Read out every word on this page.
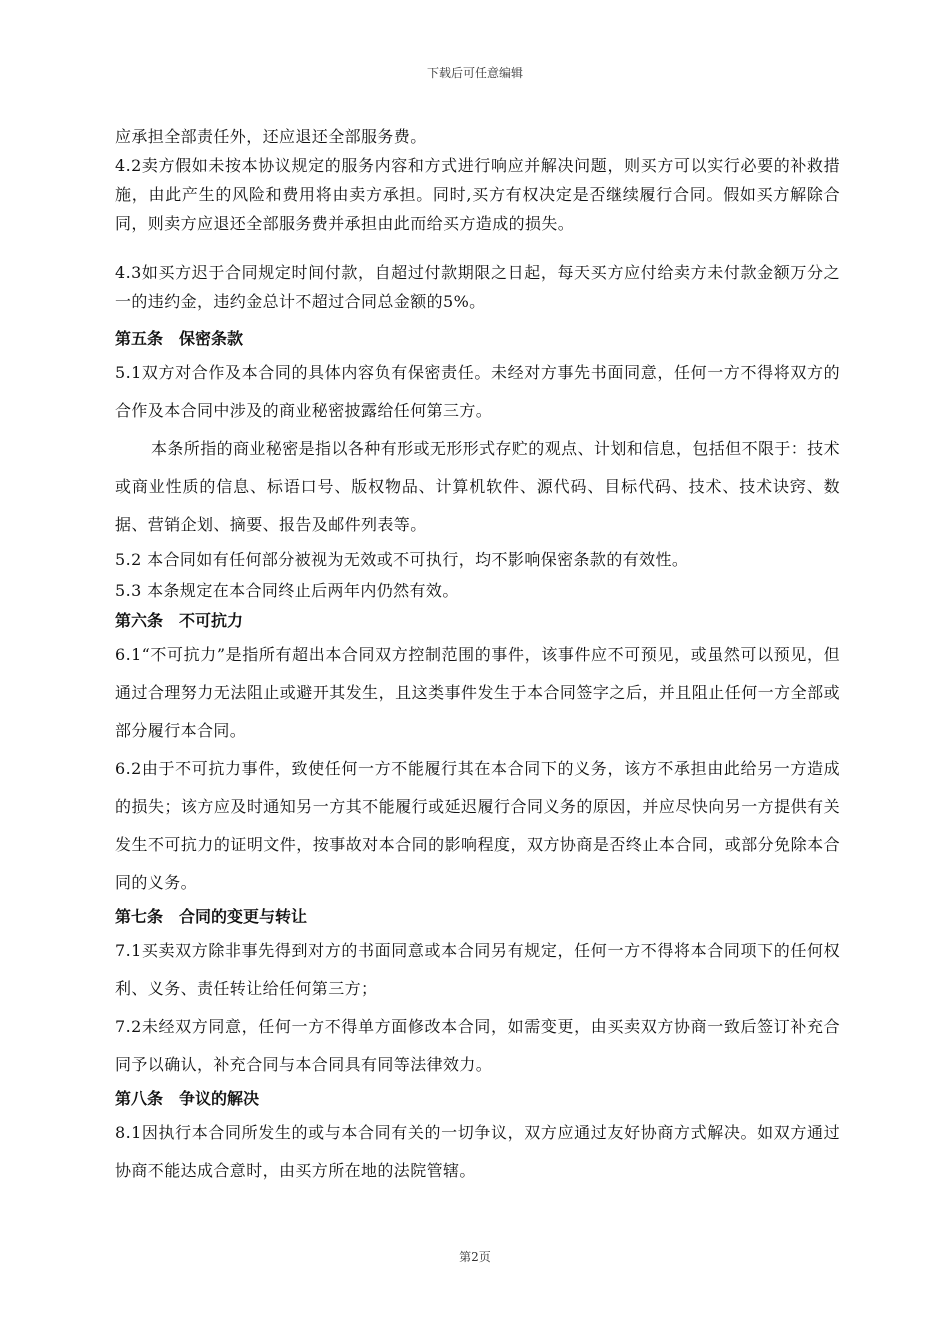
下载后可任意编辑

应承担全部责任外，还应退还全部服务费。

4.2卖方假如未按本协议规定的服务内容和方式进行响应并解决问题，则买方可以实行必要的补救措施，由此产生的风险和费用将由卖方承担。同时,买方有权决定是否继续履行合同。假如买方解除合同，则卖方应退还全部服务费并承担由此而给买方造成的损失。

4.3如买方迟于合同规定时间付款，自超过付款期限之日起，每天买方应付给卖方未付款金额万分之一的违约金，违约金总计不超过合同总金额的5%。

第五条　保密条款

5.1双方对合作及本合同的具体内容负有保密责任。未经对方事先书面同意，任何一方不得将双方的合作及本合同中涉及的商业秘密披露给任何第三方。

本条所指的商业秘密是指以各种有形或无形形式存贮的观点、计划和信息，包括但不限于：技术或商业性质的信息、标语口号、版权物品、计算机软件、源代码、目标代码、技术、技术诀窍、数据、营销企划、摘要、报告及邮件列表等。

5.2 本合同如有任何部分被视为无效或不可执行，均不影响保密条款的有效性。

5.3 本条规定在本合同终止后两年内仍然有效。

第六条　不可抗力

6.1“不可抗力”是指所有超出本合同双方控制范围的事件，该事件应不可预见，或虽然可以预见，但通过合理努力无法阻止或避开其发生，且这类事件发生于本合同签字之后，并且阻止任何一方全部或部分履行本合同。

6.2由于不可抗力事件，致使任何一方不能履行其在本合同下的义务，该方不承担由此给另一方造成的损失；该方应及时通知另一方其不能履行或延迟履行合同义务的原因，并应尽快向另一方提供有关发生不可抗力的证明文件，按事故对本合同的影响程度，双方协商是否终止本合同，或部分免除本合同的义务。

第七条　合同的变更与转让

7.1买卖双方除非事先得到对方的书面同意或本合同另有规定，任何一方不得将本合同项下的任何权利、义务、责任转让给任何第三方；

7.2未经双方同意，任何一方不得单方面修改本合同，如需变更，由买卖双方协商一致后签订补充合同予以确认，补充合同与本合同具有同等法律效力。

第八条　争议的解决

8.1因执行本合同所发生的或与本合同有关的一切争议，双方应通过友好协商方式解决。如双方通过协商不能达成合意时，由买方所在地的法院管辖。

第2页
